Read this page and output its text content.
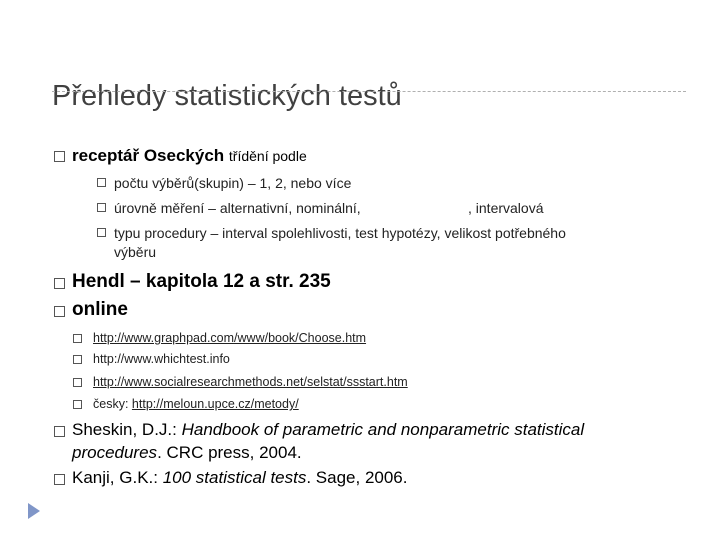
Přehledy statistických testů
receptář Oseckých třídění podle
počtu výběrů(skupin) – 1, 2, nebo více
úrovně měření – alternativní, nominální,	, intervalová
typu procedury – interval spolehlivosti, test hypotézy, velikost potřebného
výběru
Hendl – kapitola 12 a str. 235
online
http://www.graphpad.com/www/book/Choose.htm
http://www.whichtest.info
http://www.socialresearchmethods.net/selstat/ssstart.htm
česky: http://meloun.upce.cz/metody/
Sheskin, D.J.: Handbook of parametric and nonparametric statistical
procedures. CRC press, 2004.
Kanji, G.K.: 100 statistical tests. Sage, 2006.
